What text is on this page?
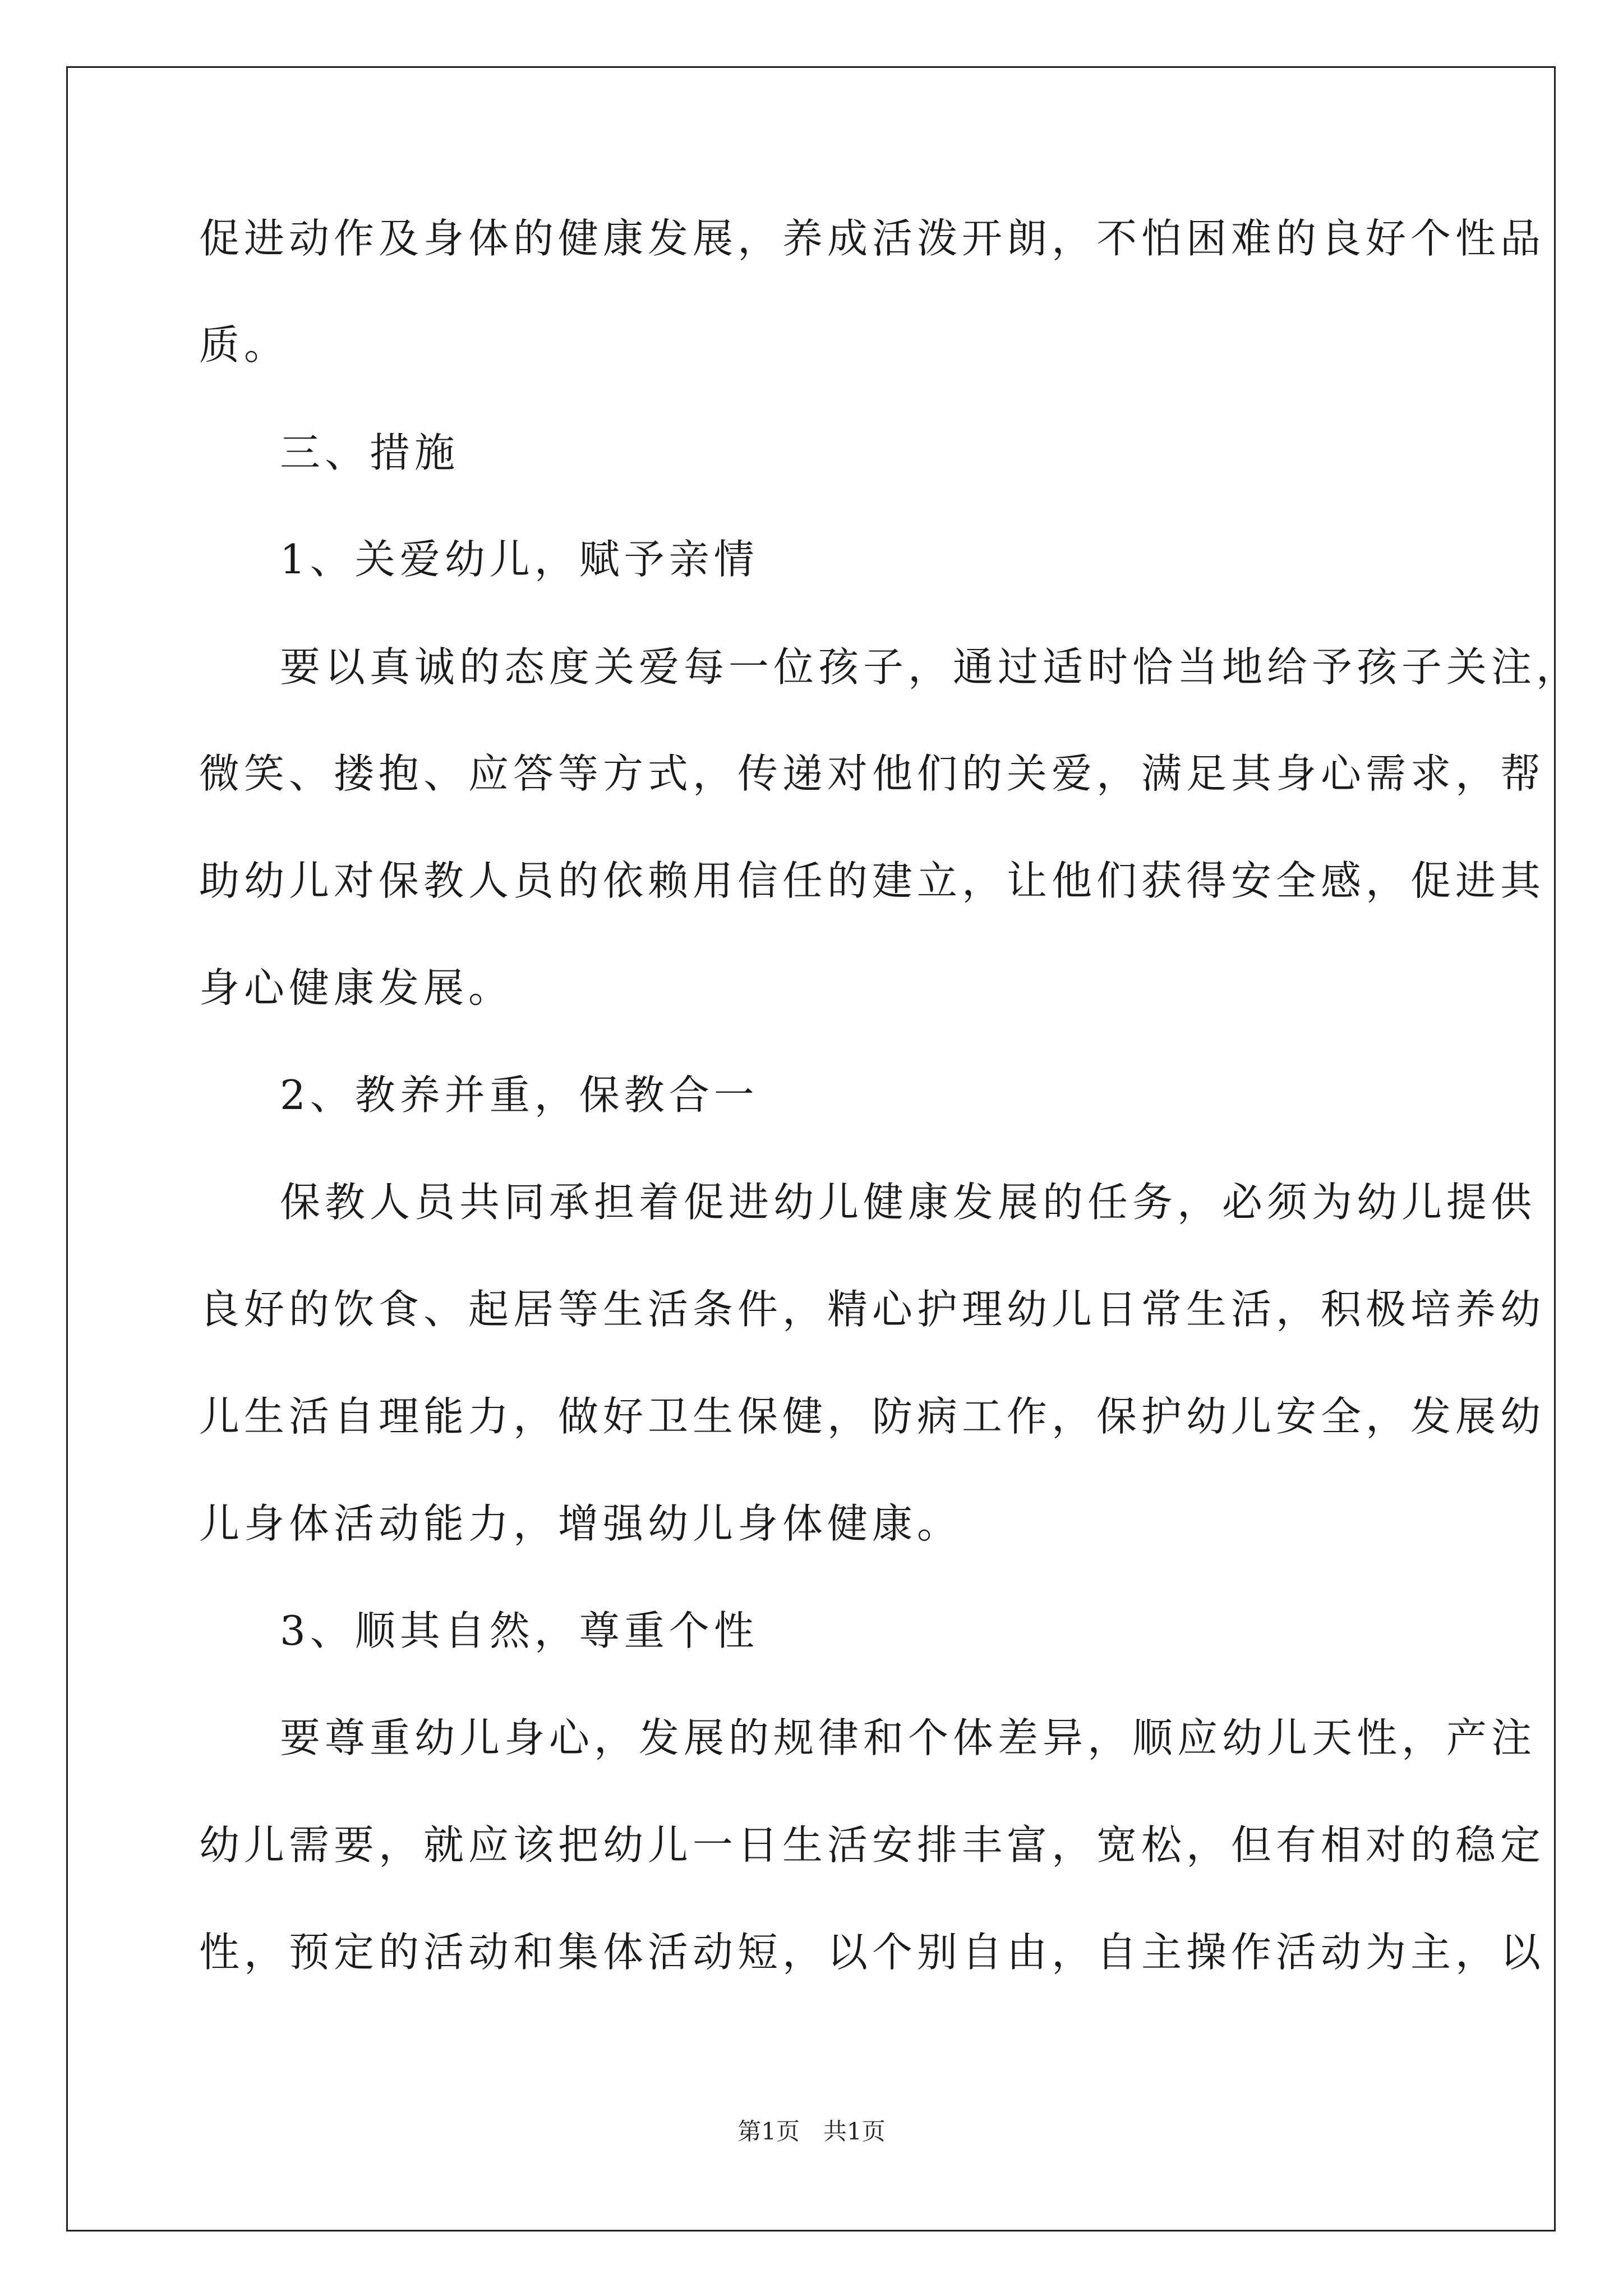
促进动作及身体的健康发展，养成活泼开朗，不怕困难的良好个性品
质。
三、措施
1、关爱幼儿，赋予亲情
要以真诚的态度关爱每一位孩子，通过适时恰当地给予孩子关注，
微笑、搂抱、应答等方式，传递对他们的关爱，满足其身心需求，帮
助幼儿对保教人员的依赖用信任的建立，让他们获得安全感，促进其
身心健康发展。
2、教养并重，保教合一
保教人员共同承担着促进幼儿健康发展的任务，必须为幼儿提供
良好的饮食、起居等生活条件，精心护理幼儿日常生活，积极培养幼
儿生活自理能力，做好卫生保健，防病工作，保护幼儿安全，发展幼
儿身体活动能力，增强幼儿身体健康。
3、顺其自然，尊重个性
要尊重幼儿身心，发展的规律和个体差异，顺应幼儿天性，产注
幼儿需要，就应该把幼儿一日生活安排丰富，宽松，但有相对的稳定
性，预定的活动和集体活动短，以个别自由，自主操作活动为主，以
第1页　共1页
